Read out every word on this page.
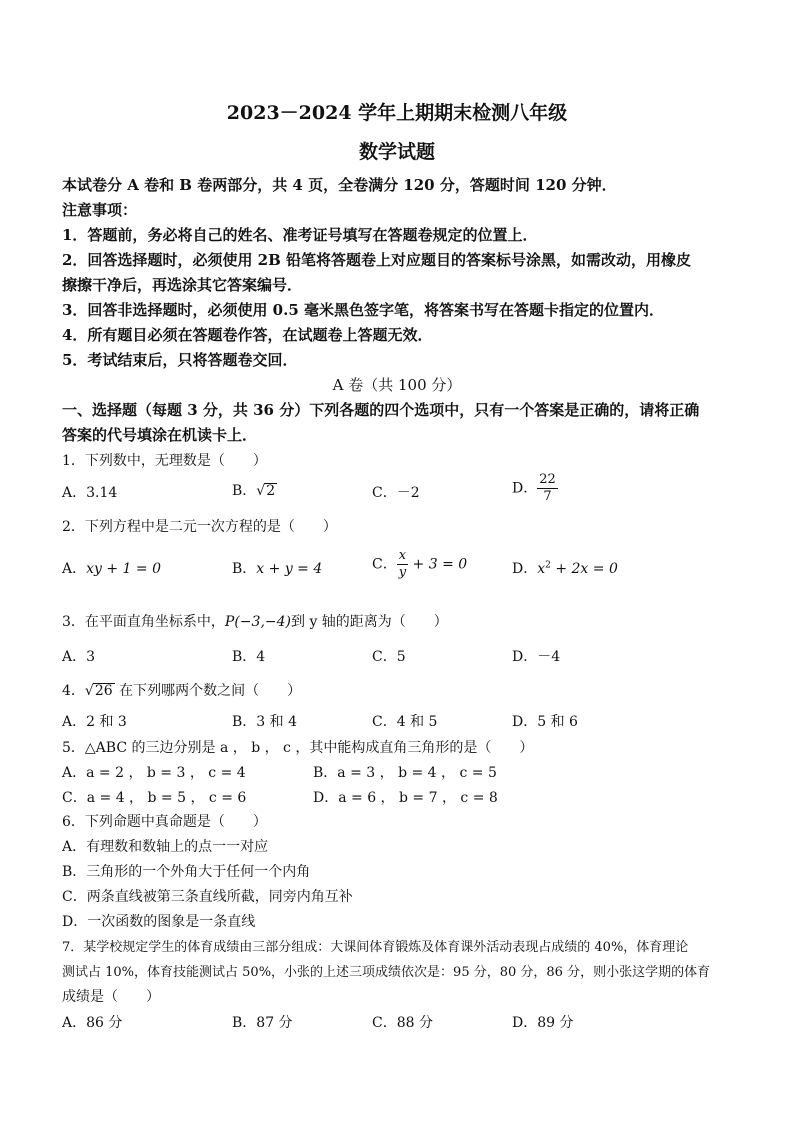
2023－2024 学年上期期末检测八年级
数学试题
本试卷分 A 卷和 B 卷两部分，共 4 页，全卷满分 120 分，答题时间 120 分钟．
注意事项：
1．答题前，务必将自己的姓名、准考证号填写在答题卷规定的位置上．
2．回答选择题时，必须使用 2B 铅笔将答题卷上对应题目的答案标号涂黑，如需改动，用橡皮
擦擦干净后，再选涂其它答案编号．
3．回答非选择题时，必须使用 0.5 毫米黑色签字笔，将答案书写在答题卡指定的位置内．
4．所有题目必须在答题卷作答，在试题卷上答题无效．
5．考试结束后，只将答题卷交回．
A 卷（共 100 分）
一、选择题（每题 3 分，共 36 分）下列各题的四个选项中，只有一个答案是正确的，请将正确
答案的代号填涂在机读卡上．
1．下列数中，无理数是（　　）
A．3.14	B．√2	C．－2	D． $\frac{22}{7}$
2．下列方程中是二元一次方程的是（　　）
A．xy + 1 = 0	B．x + y = 4	C． $\frac{x}{y} + 3 = 0$	D．$x^2 + 2x = 0$
3．在平面直角坐标系中，P(−3,−4)到 y 轴的距离为（　　）
A．3	B．4	C．5	D．－4
4．√26 在下列哪两个数之间（　　）
A．2 和 3	B．3 和 4	C．4 和 5	D．5 和 6
5．△ABC 的三边分别是 a ， b ， c ，其中能构成直角三角形的是（　　）
A．a = 2 ， b = 3 ， c = 4	B．a = 3 ， b = 4 ， c = 5
C．a = 4 ， b = 5 ， c = 6	D．a = 6 ， b = 7 ， c = 8
6．下列命题中真命题是（　　）
A．有理数和数轴上的点一一对应
B．三角形的一个外角大于任何一个内角
C．两条直线被第三条直线所截，同旁内角互补
D．一次函数的图象是一条直线
7．某学校规定学生的体育成绩由三部分组成：大课间体育锻炼及体育课外活动表现占成绩的 40%，体育理论
测试占 10%，体育技能测试占 50%，小张的上述三项成绩依次是：95 分，80 分，86 分，则小张这学期的体育
成绩是（　　）
A．86 分	B．87 分	C．88 分	D．89 分
